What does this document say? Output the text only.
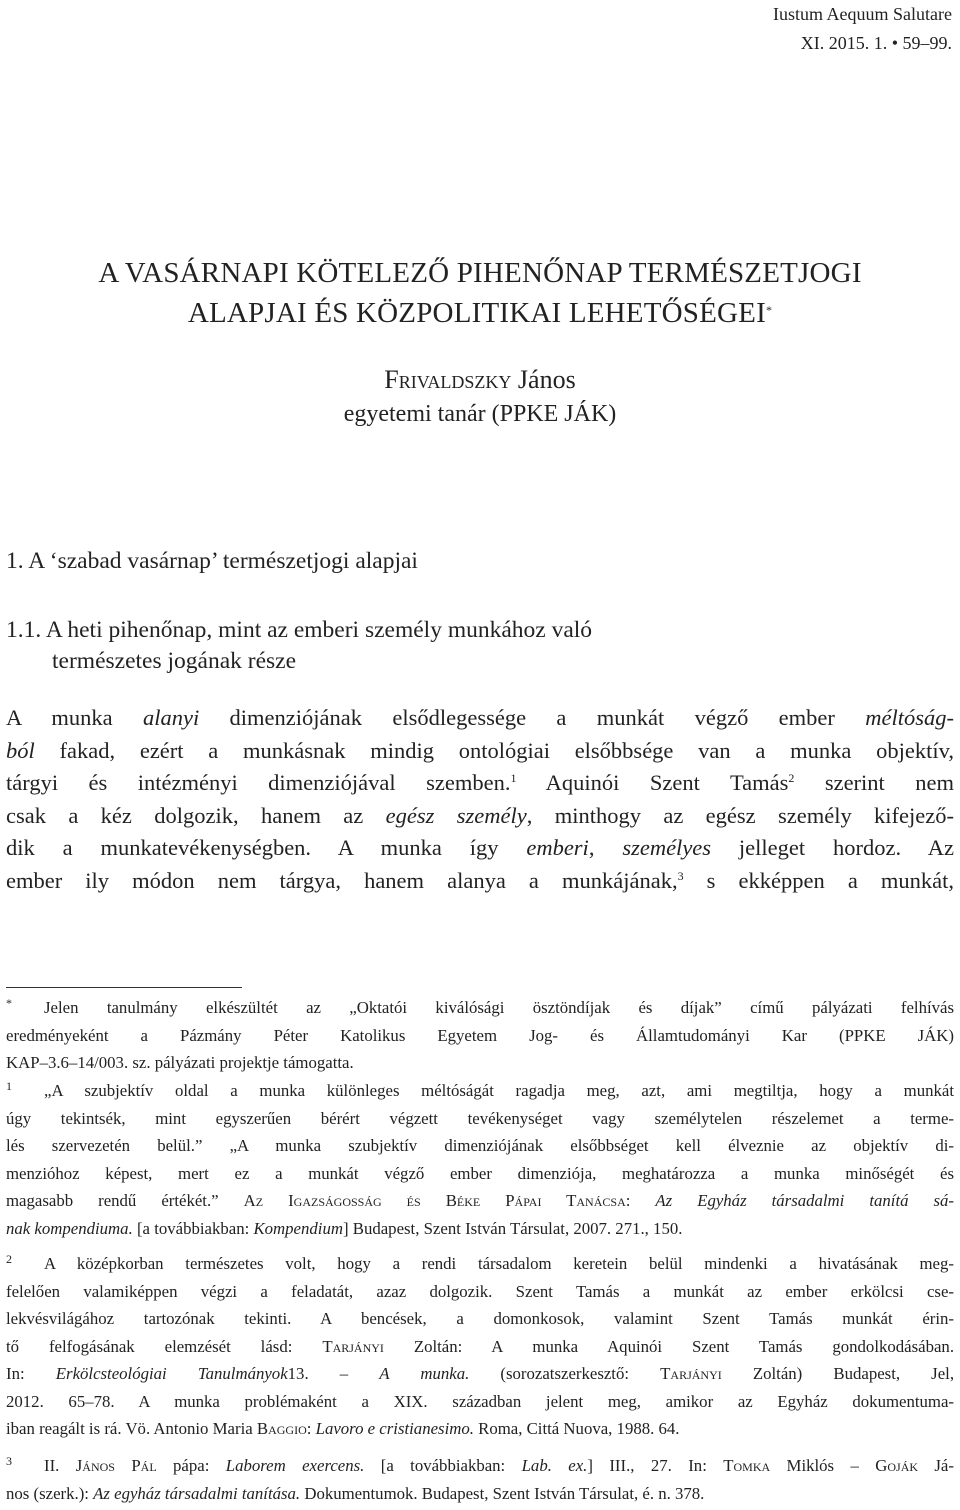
Iustum Aequum Salutare
XI. 2015. 1. • 59–99.
A VASÁRNAPI KÖTELEZŐ PIHENŐNAP TERMÉSZETJOGI
ALAPJAI ÉS KÖZPOLITIKAI LEHETŐSÉGEI*
Frivaldszky János
egyetemi tanár (PPKE JÁK)
1. A ‘szabad vasárnap’ természetjogi alapjai
1.1. A heti pihenőnap, mint az emberi személy munkához való
természetes jogának része
A munka alanyi dimenziójának elsődlegessége a munkát végző ember méltóság-
ból fakad, ezért a munkásnak mindig ontológiai elsőbbsége van a munka objektív,
tárgyi és intézményi dimenziójával szemben.$^1$ Aquinói Szent Tamás$^2$ szerint nem
csak a kéz dolgozik, hanem az egész személy, minthogy az egész személy kifejező-
dik a munkatevékenységben. A munka így emberi, személyes jelleget hordoz. Az
ember ily módon nem tárgya, hanem alanya a munkájának,$^3$ s ekképpen a munkát,
* Jelen tanulmány elkészültét az „Oktatói kiválósági ösztöndíjak és díjak” című pályázati felhívás
eredményeként a Pázmány Péter Katolikus Egyetem Jog- és Államtudományi Kar (PPKE JÁK)
KAP–3.6–14/003. sz. pályázati projektje támogatta.
1 „A szubjektív oldal a munka különleges méltóságát ragadja meg, azt, ami megtiltja, hogy a munkát
úgy tekintsék, mint egyszerűen bérért végzett tevékenységet vagy személytelen részelemet a terme-
lés szervezetén belül.” „A munka szubjektív dimenziójának elsőbbséget kell élveznie az objektív di-
menzióhoz képest, mert ez a munkát végző ember dimenziója, meghatározza a munka minőségét és
magasabb rendű értékét.” Az Igazságosság és Béke Pápai Tanácsa: Az Egyház társadalmi tanítá sá-
nak kompendiuma. [a továbbiakban: Kompendium] Budapest, Szent István Társulat, 2007. 271., 150.
2 A középkorban természetes volt, hogy a rendi társadalom keretein belül mindenki a hivatásának meg-
felelően valamiképpen végzi a feladatát, azaz dolgozik. Szent Tamás a munkát az ember erkölcsi cse-
lekvésvilágához tartozónak tekinti. A bencések, a domonkosok, valamint Szent Tamás munkát érin-
tő felfogásának elemzését lásd: Tarjányi Zoltán: A munka Aquinói Szent Tamás gondolkodásában.
In: Erkölcsteológiai Tanulmányok13. – A munka. (sorozatszerkesztő: Tarjányi Zoltán) Budapest, Jel,
2012. 65–78. A munka problémaként a XIX. században jelent meg, amikor az Egyház dokumentuma-
iban reagált is rá. Vö. Antonio Maria Baggio: Lavoro e cristianesimo. Roma, Cittá Nuova, 1988. 64.
3 II. János Pál pápa: Laborem exercens. [a továbbiakban: Lab. ex.] III., 27. In: Tomka Miklós – Goják Já-
nos (szerk.): Az egyház társadalmi tanítása. Dokumentumok. Budapest, Szent István Társulat, é. n. 378.
